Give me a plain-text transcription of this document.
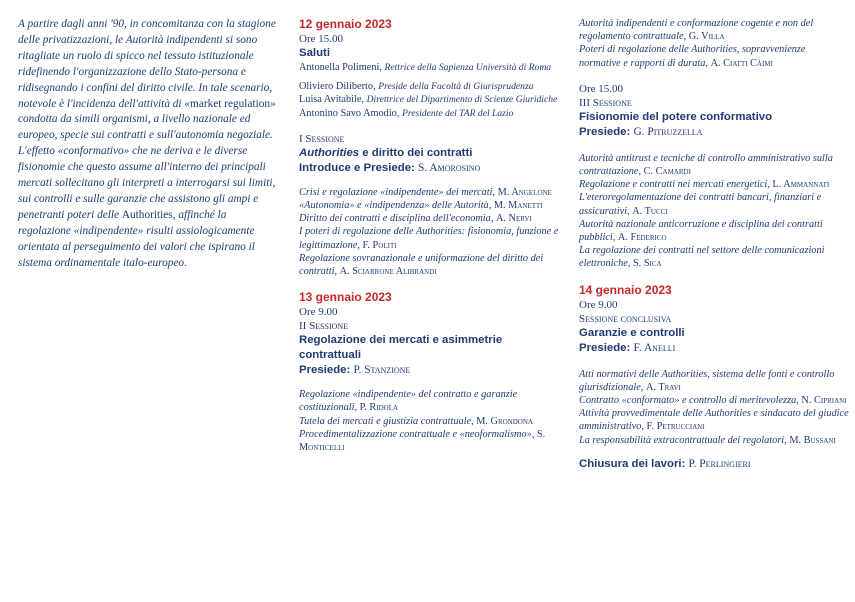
A partire dagli anni '90, in concomitanza con la stagione delle privatizzazioni, le Autorità indipendenti si sono ritagliate un ruolo di spicco nel tessuto istituzionale ridefinendo l'organizzazione dello Stato-persona e ridisegnando i confini del diritto civile. In tale scenario, notevole è l'incidenza dell'attività di «market regulation» condotta da simili organismi, a livello nazionale ed europeo, specie sui contratti e sull'autonomia negoziale. L'effetto «conformativo» che ne deriva e le diverse fisionomie che questo assume all'interno dei principali mercati sollecitano gli interpreti a interrogarsi sui limiti, sui controlli e sulle garanzie che assistono gli ampi e penetranti poteri delle Authorities, affinché la regolazione «indipendente» risulti assiologicamente orientata al perseguimento dei valori che ispirano il sistema ordinamentale italo-europeo.

12 gennaio 2023
Ore 15.00
Saluti
Antonella Polimeni, Rettrice della Sapienza Università di Roma
Oliviero Diliberto, Preside della Facoltà di Giurisprudenza
Luisa Avitabile, Direttrice del Dipartimento di Scienze Giuridiche
Antonino Savo Amodio, Presidente del TAR del Lazio
I Sessione
Authorities e diritto dei contratti
Introduce e Presiede: S. Amorosino
Crisi e regolazione «indipendente» dei mercati, M. Angelone
«Autonomia» e «indipendenza» delle Autorità, M. Manetti
Diritto dei contratti e disciplina dell'economia, A. Nervi
I poteri di regolazione delle Authorities: fisionomia, funzione e legittimazione, F. Politi
Regolazione sovranazionale e uniformazione del diritto dei contratti, A. Sciarrone Alibrandi
13 gennaio 2023
Ore 9.00
II Sessione
Regolazione dei mercati e asimmetrie contrattuali
Presiede: P. Stanzione
Regolazione «indipendente» del contratto e garanzie costituzionali, P. Ridola
Tutela dei mercati e giustizia contrattuale, M. Grondona
Procedimentalizzazione contrattuale e «neoformalismo», S. Monticelli
Autorità indipendenti e conformazione cogente e non del regolamento contrattuale, G. Villa
Poteri di regolazione delle Authorities, sopravvenienze normative e rapporti di durata, A. Ciatti Càimi
Ore 15.00
III Sessione
Fisionomie del potere conformativo
Presiede: G. Pitruzzella
Autorità antitrust e tecniche di controllo amministrativo sulla contrattazione, C. Camardi
Regolazione e contratti nei mercati energetici, L. Ammannati
L'eteroregolamentazione dei contratti bancari, finanziari e assicurativi, A. Tucci
Autorità nazionale anticorruzione e disciplina dei contratti pubblici, A. Federico
La regolazione dei contratti nel settore delle comunicazioni elettroniche, S. Sica
14 gennaio 2023
Ore 9.00
Sessione conclusiva
Garanzie e controlli
Presiede: F. Anelli
Atti normativi delle Authorities, sistema delle fonti e controllo giurisdizionale, A. Travi
Contratto «conformato» e controllo di meritevolezza, N. Cipriani
Attività provvedimentale delle Authorities e sindacato del giudice amministrativo, F. Petrucciani
La responsabilità extracontrattuale dei regolatori, M. Bussani
Chiusura dei lavori: P. Perlingieri
